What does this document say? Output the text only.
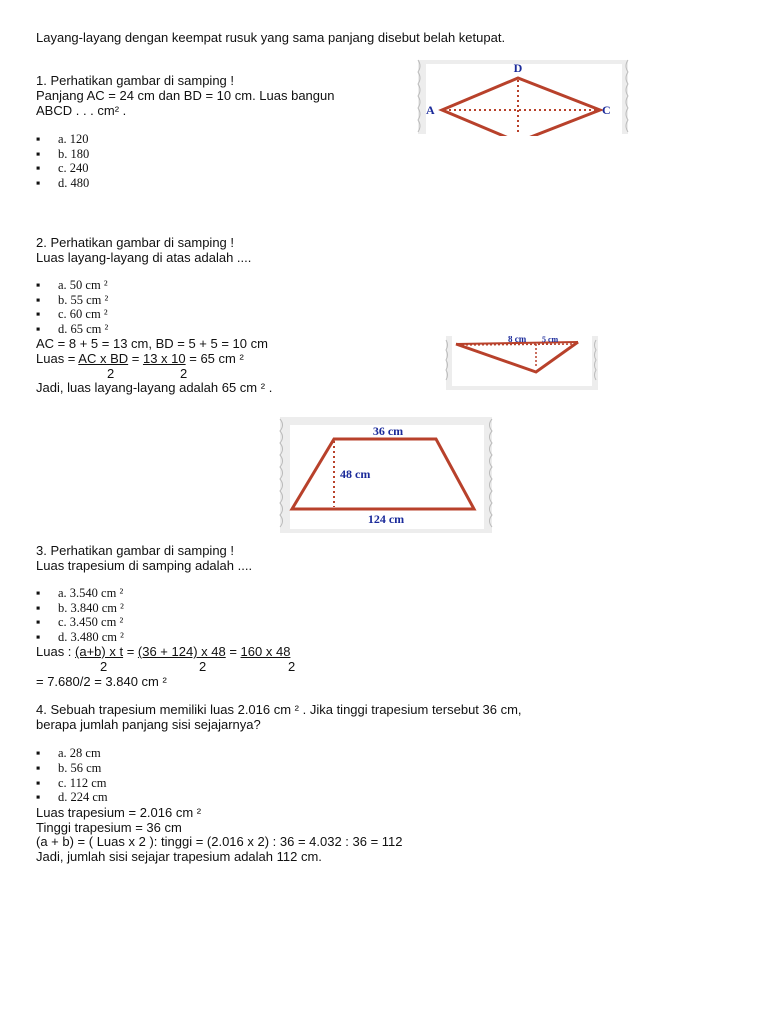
Layang-layang dengan keempat rusuk yang sama panjang disebut belah ketupat.
1. Perhatikan gambar di samping !
Panjang AC = 24 cm dan BD = 10 cm. Luas bangun
ABCD . . . cm² .
▪ a. 120
▪ b. 180
▪ c. 240
▪ d. 480
D
A	C
2. Perhatikan gambar di samping !
Luas layang-layang di atas adalah ....
▪ a. 50 cm ²
▪ b. 55 cm ²
▪ c. 60 cm ²
▪ d. 65 cm ²
AC = 8 + 5 = 13 cm, BD = 5 + 5 = 10 cm
Luas = AC x BD = 13 x 10 = 65 cm ²
2	2
Jadi, luas layang-layang adalah 65 cm ² .
8 cm 5 cm
36 cm
48 cm
124 cm
3. Perhatikan gambar di samping !
Luas trapesium di samping adalah ....
▪ a. 3.540 cm ²
▪ b. 3.840 cm ²
▪ c. 3.450 cm ²
▪ d. 3.480 cm ²
Luas : (a+b) x t = (36 + 124) x 48 = 160 x 48
2	2	2
= 7.680/2 = 3.840 cm ²
4. Sebuah trapesium memiliki luas 2.016 cm ² . Jika tinggi trapesium tersebut 36 cm,
berapa jumlah panjang sisi sejajarnya?
▪ a. 28 cm
▪ b. 56 cm
▪ c. 112 cm
▪ d. 224 cm
Luas trapesium = 2.016 cm ²
Tinggi trapesium = 36 cm
(a + b) = ( Luas x 2 ): tinggi = (2.016 x 2) : 36 = 4.032 : 36 = 112
Jadi, jumlah sisi sejajar trapesium adalah 112 cm.
